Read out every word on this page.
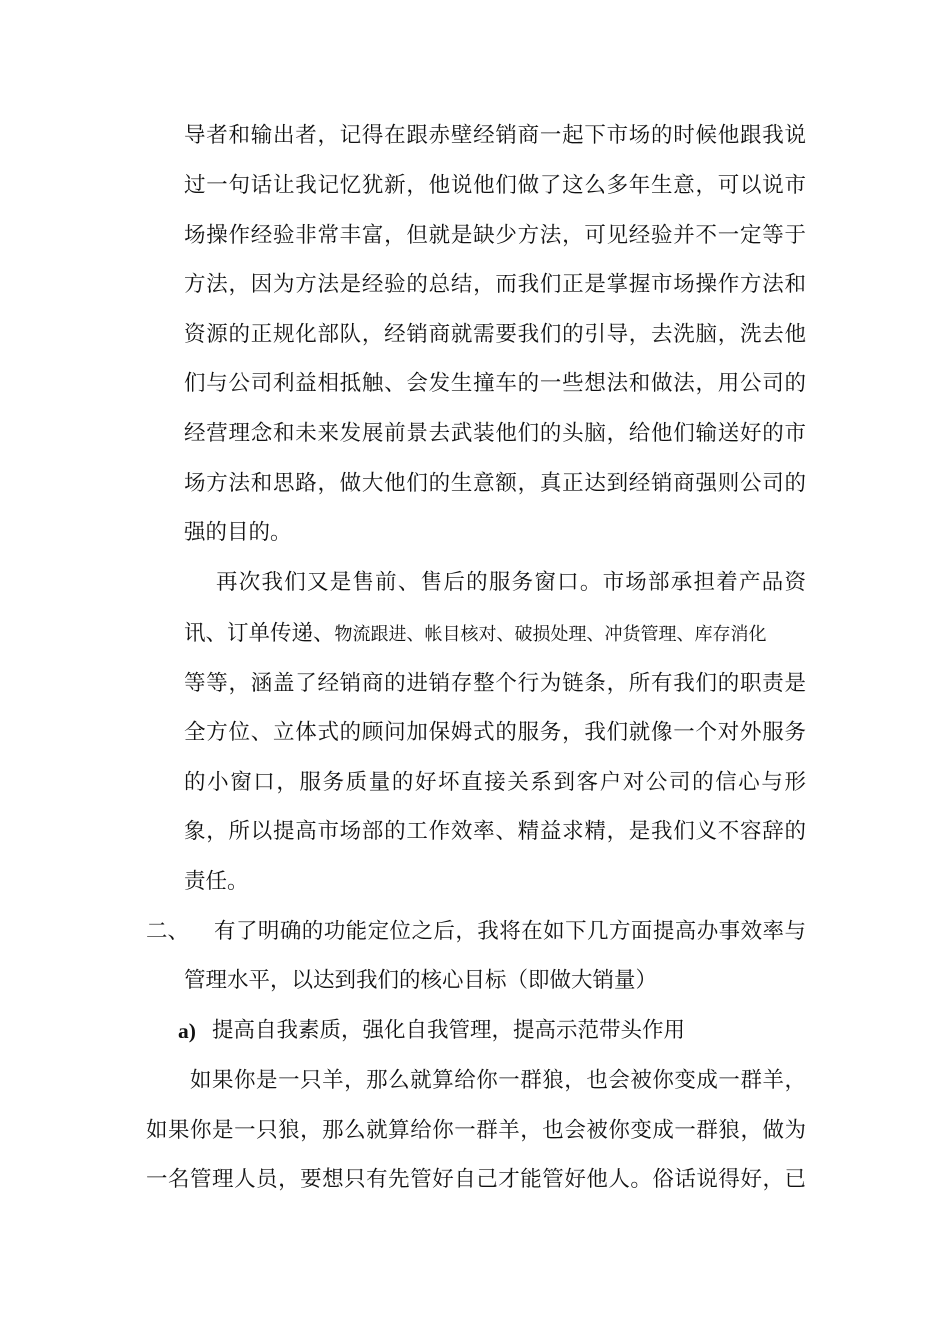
导者和输出者，记得在跟赤壁经销商一起下市场的时候他跟我说
过一句话让我记忆犹新，他说他们做了这么多年生意，可以说市
场操作经验非常丰富，但就是缺少方法，可见经验并不一定等于
方法，因为方法是经验的总结，而我们正是掌握市场操作方法和
资源的正规化部队，经销商就需要我们的引导，去洗脑，洗去他
们与公司利益相抵触、会发生撞车的一些想法和做法，用公司的
经营理念和未来发展前景去武装他们的头脑，给他们输送好的市
场方法和思路，做大他们的生意额，真正达到经销商强则公司的
强的目的。
再次我们又是售前、售后的服务窗口。市场部承担着产品资
讯、订单传递、物流跟进、帐目核对、破损处理、冲货管理、库存消化
等等，涵盖了经销商的进销存整个行为链条，所有我们的职责是
全方位、立体式的顾问加保姆式的服务，我们就像一个对外服务
的小窗口，服务质量的好坏直接关系到客户对公司的信心与形
象，所以提高市场部的工作效率、精益求精，是我们义不容辞的
责任。
二、 有了明确的功能定位之后，我将在如下几方面提高办事效率与
管理水平，以达到我们的核心目标（即做大销量）
a) 提高自我素质，强化自我管理，提高示范带头作用
如果你是一只羊，那么就算给你一群狼，也会被你变成一群羊，
如果你是一只狼，那么就算给你一群羊，也会被你变成一群狼，做为
一名管理人员，要想只有先管好自己才能管好他人。俗话说得好，已
